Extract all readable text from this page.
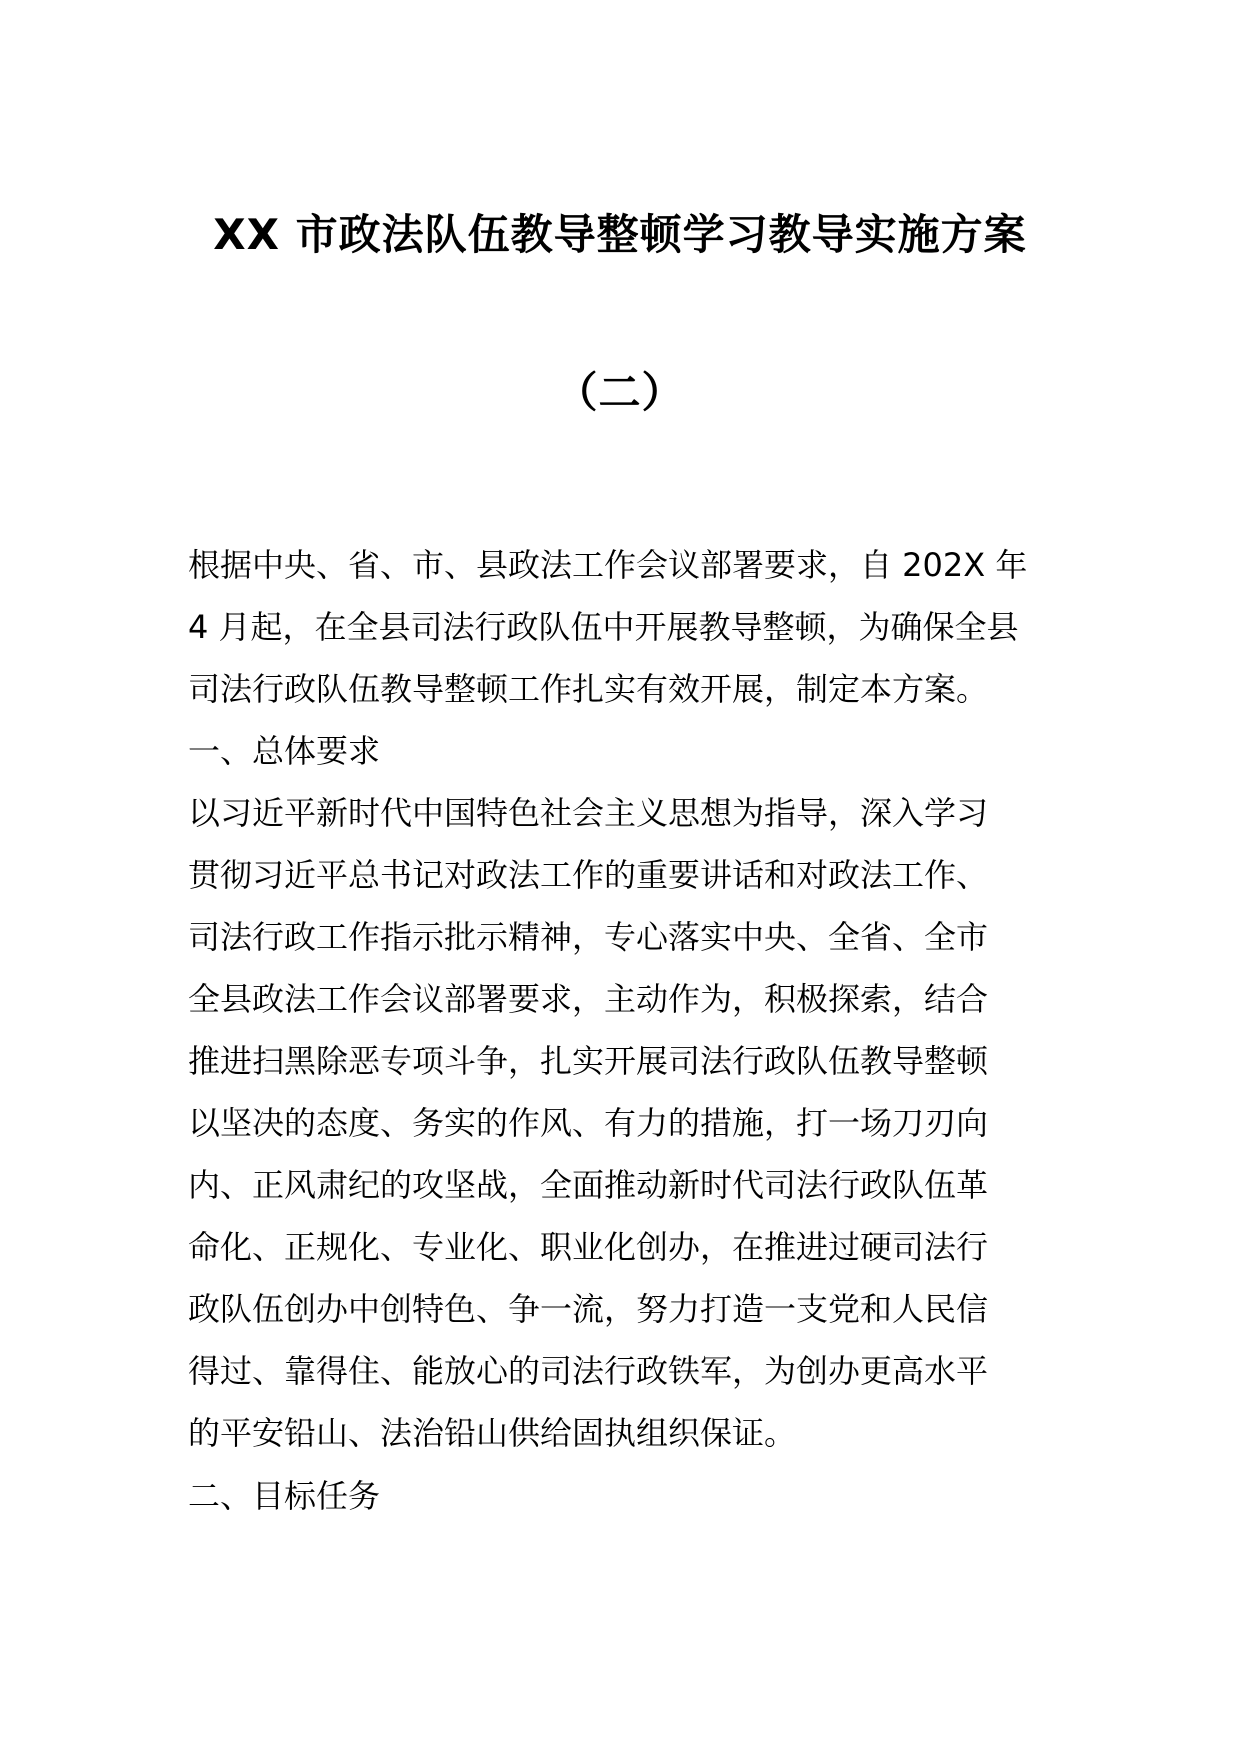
XX 市政法队伍教导整顿学习教导实施方案
（二）
根据中央、省、市、县政法工作会议部署要求，自 202X 年
4 月起，在全县司法行政队伍中开展教导整顿，为确保全县
司法行政队伍教导整顿工作扎实有效开展，制定本方案。
一、总体要求
以习近平新时代中国特色社会主义思想为指导，深入学习
贯彻习近平总书记对政法工作的重要讲话和对政法工作、
司法行政工作指示批示精神，专心落实中央、全省、全市
全县政法工作会议部署要求，主动作为，积极探索，结合
推进扫黑除恶专项斗争，扎实开展司法行政队伍教导整顿
以坚决的态度、务实的作风、有力的措施，打一场刀刃向
内、正风肃纪的攻坚战，全面推动新时代司法行政队伍革
命化、正规化、专业化、职业化创办，在推进过硬司法行
政队伍创办中创特色、争一流，努力打造一支党和人民信
得过、靠得住、能放心的司法行政铁军，为创办更高水平
的平安铅山、法治铅山供给固执组织保证。
二、目标任务
